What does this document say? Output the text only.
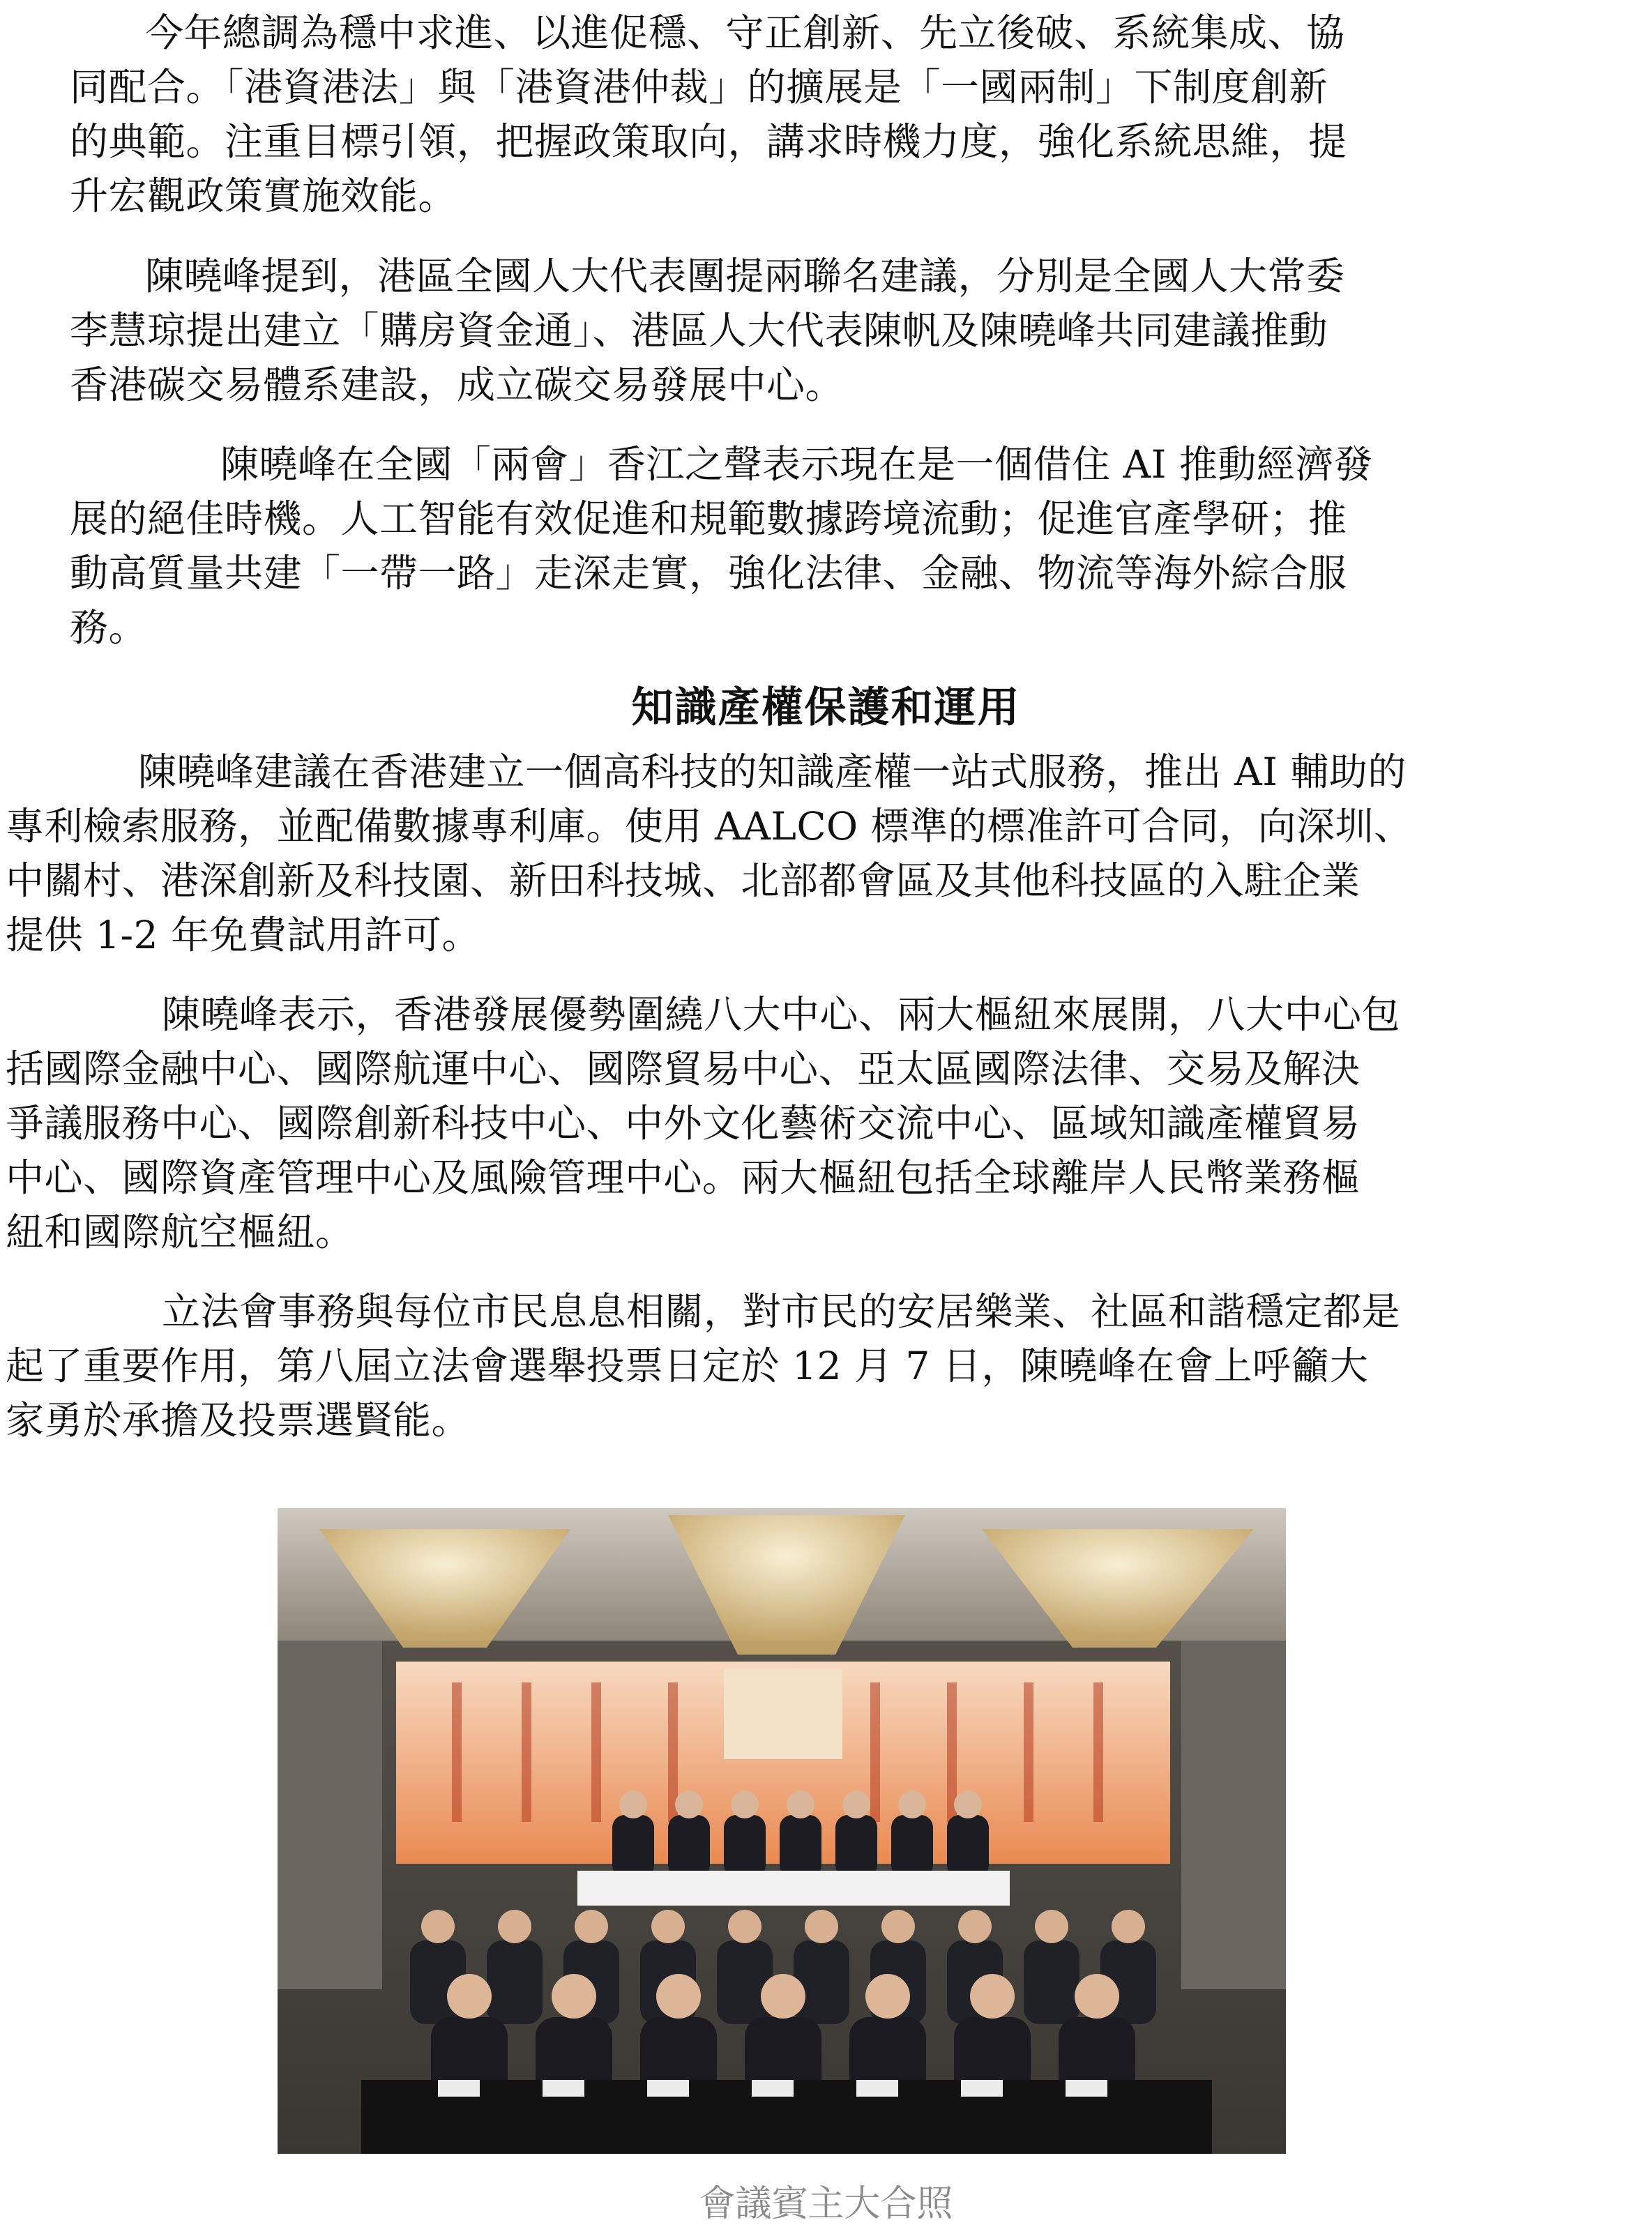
今年總調為穩中求進、以進促穩、守正創新、先立後破、系統集成、協
同配合。「港資港法」與「港資港仲裁」的擴展是「一國兩制」下制度創新
的典範。注重目標引領，把握政策取向，講求時機力度，強化系統思維，提
升宏觀政策實施效能。
陳曉峰提到，港區全國人大代表團提兩聯名建議，分別是全國人大常委
李慧琼提出建立「購房資金通」、港區人大代表陳帆及陳曉峰共同建議推動
香港碳交易體系建設，成立碳交易發展中心。
陳曉峰在全國「兩會」香江之聲表示現在是一個借住 AI 推動經濟發
展的絕佳時機。人工智能有效促進和規範數據跨境流動；促進官產學研；推
動高質量共建「一帶一路」走深走實，強化法律、金融、物流等海外綜合服
務。
知識產權保護和運用
陳曉峰建議在香港建立一個高科技的知識產權一站式服務，推出 AI 輔助的
專利檢索服務，並配備數據專利庫。使用 AALCO 標準的標准許可合同，向深圳、
中關村、港深創新及科技園、新田科技城、北部都會區及其他科技區的入駐企業
提供 1-2 年免費試用許可。
陳曉峰表示，香港發展優勢圍繞八大中心、兩大樞紐來展開，八大中心包
括國際金融中心、國際航運中心、國際貿易中心、亞太區國際法律、交易及解決
爭議服務中心、國際創新科技中心、中外文化藝術交流中心、區域知識產權貿易
中心、國際資產管理中心及風險管理中心。兩大樞紐包括全球離岸人民幣業務樞
紐和國際航空樞紐。
立法會事務與每位市民息息相關，對市民的安居樂業、社區和諧穩定都是
起了重要作用，第八屆立法會選舉投票日定於 12 月 7 日，陳曉峰在會上呼籲大
家勇於承擔及投票選賢能。
會議賓主大合照
